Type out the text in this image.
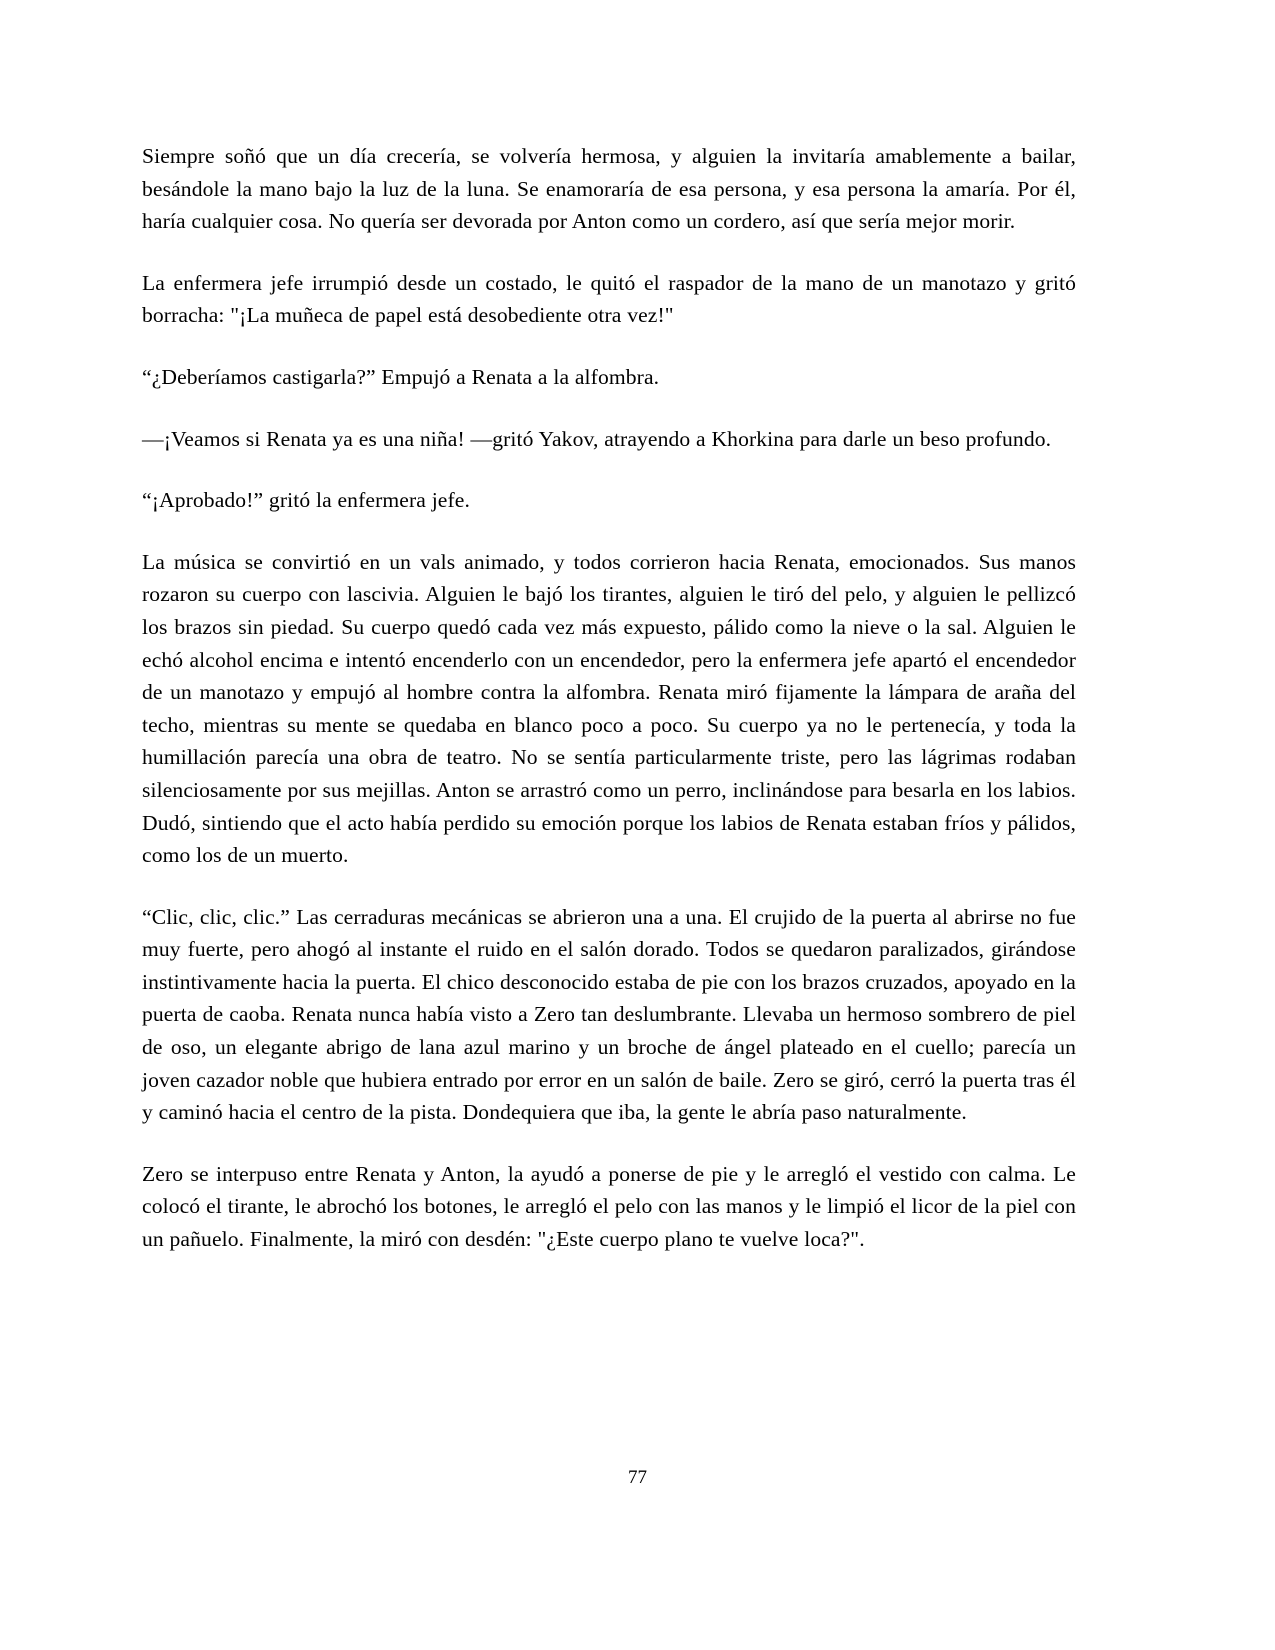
Siempre soñó que un día crecería, se volvería hermosa, y alguien la invitaría amablemente a bailar, besándole la mano bajo la luz de la luna. Se enamoraría de esa persona, y esa persona la amaría. Por él, haría cualquier cosa. No quería ser devorada por Anton como un cordero, así que sería mejor morir.

La enfermera jefe irrumpió desde un costado, le quitó el raspador de la mano de un manotazo y gritó borracha: "¡La muñeca de papel está desobediente otra vez!"

“¿Deberíamos castigarla?” Empujó a Renata a la alfombra.

—¡Veamos si Renata ya es una niña! —gritó Yakov, atrayendo a Khorkina para darle un beso profundo.

“¡Aprobado!” gritó la enfermera jefe.

La música se convirtió en un vals animado, y todos corrieron hacia Renata, emocionados. Sus manos rozaron su cuerpo con lascivia. Alguien le bajó los tirantes, alguien le tiró del pelo, y alguien le pellizcó los brazos sin piedad. Su cuerpo quedó cada vez más expuesto, pálido como la nieve o la sal. Alguien le echó alcohol encima e intentó encenderlo con un encendedor, pero la enfermera jefe apartó el encendedor de un manotazo y empujó al hombre contra la alfombra. Renata miró fijamente la lámpara de araña del techo, mientras su mente se quedaba en blanco poco a poco. Su cuerpo ya no le pertenecía, y toda la humillación parecía una obra de teatro. No se sentía particularmente triste, pero las lágrimas rodaban silenciosamente por sus mejillas. Anton se arrastró como un perro, inclinándose para besarla en los labios. Dudó, sintiendo que el acto había perdido su emoción porque los labios de Renata estaban fríos y pálidos, como los de un muerto.

“Clic, clic, clic.” Las cerraduras mecánicas se abrieron una a una. El crujido de la puerta al abrirse no fue muy fuerte, pero ahogó al instante el ruido en el salón dorado. Todos se quedaron paralizados, girándose instintivamente hacia la puerta. El chico desconocido estaba de pie con los brazos cruzados, apoyado en la puerta de caoba. Renata nunca había visto a Zero tan deslumbrante. Llevaba un hermoso sombrero de piel de oso, un elegante abrigo de lana azul marino y un broche de ángel plateado en el cuello; parecía un joven cazador noble que hubiera entrado por error en un salón de baile. Zero se giró, cerró la puerta tras él y caminó hacia el centro de la pista. Dondequiera que iba, la gente le abría paso naturalmente.

Zero se interpuso entre Renata y Anton, la ayudó a ponerse de pie y le arregló el vestido con calma. Le colocó el tirante, le abrochó los botones, le arregló el pelo con las manos y le limpió el licor de la piel con un pañuelo. Finalmente, la miró con desdén: "¿Este cuerpo plano te vuelve loca?".

77
